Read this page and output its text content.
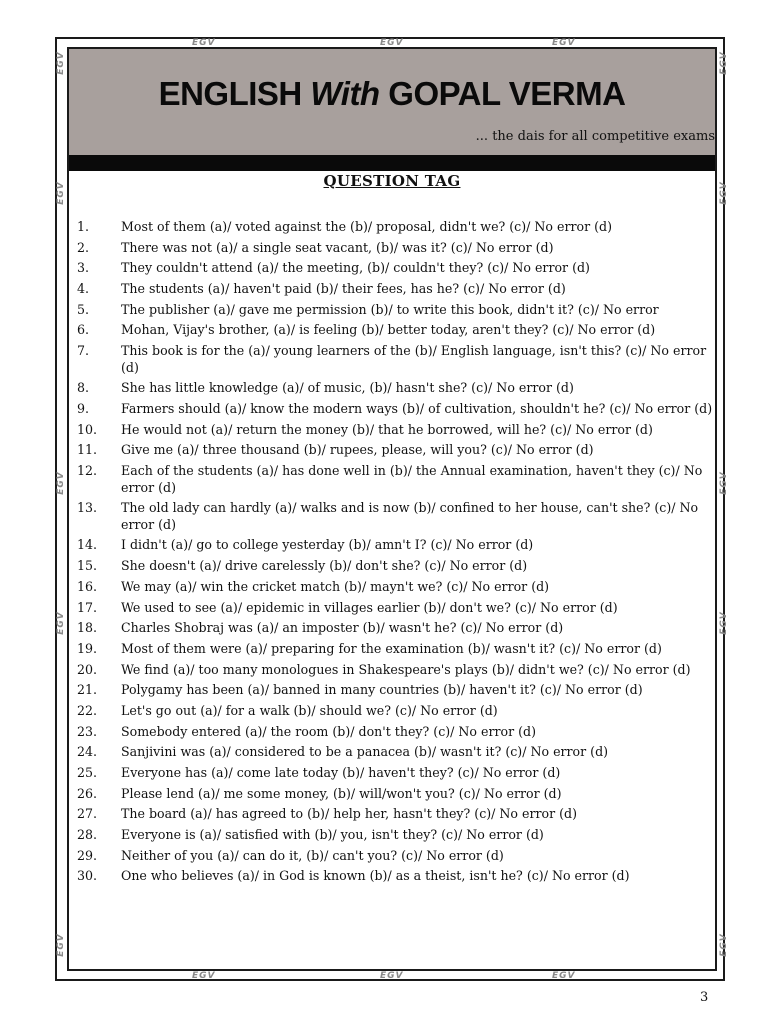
EGV	EGV	EGV
EGV	EGV	EGV
EGV
EGV
EGV
EGV
EGV
EGV
EGV
EGV
EGV
EGV
ENGLISH With GOPAL VERMA
... the dais for all competitive exams
QUESTION TAG
1.	Most of them (a)/ voted against the (b)/ proposal, didn't we? (c)/ No error (d)
2.	There was not (a)/ a single seat vacant, (b)/ was it? (c)/ No error (d)
3.	They couldn't attend (a)/ the meeting, (b)/ couldn't they? (c)/ No error (d)
4.	The students (a)/ haven't paid (b)/ their fees, has he? (c)/ No error (d)
5.	The publisher (a)/ gave me permission (b)/ to write this book, didn't it? (c)/ No error
6.	Mohan, Vijay's brother, (a)/ is feeling (b)/ better today, aren't they? (c)/ No error (d)
7.	This book is for the (a)/ young learners of the (b)/ English language, isn't this? (c)/ No error (d)
8.	She has little knowledge (a)/ of music, (b)/ hasn't she? (c)/ No error (d)
9.	Farmers should (a)/ know the modern ways (b)/ of cultivation, shouldn't he? (c)/ No error (d)
10. He would not (a)/ return the money (b)/ that he borrowed, will he? (c)/ No error (d)
11. Give me (a)/ three thousand (b)/ rupees, please, will you? (c)/ No error (d)
12. Each of the students (a)/ has done well in (b)/ the Annual examination, haven't they (c)/ No error (d)
13. The old lady can hardly (a)/ walks and is now (b)/ confined to her house, can't she? (c)/ No error (d)
14. I didn't (a)/ go to college yesterday (b)/ amn't I? (c)/ No error (d)
15. She doesn't (a)/ drive carelessly (b)/ don't she? (c)/ No error (d)
16. We may (a)/ win the cricket match (b)/ mayn't we? (c)/ No error (d)
17. We used to see (a)/ epidemic in villages earlier (b)/ don't we? (c)/ No error (d)
18. Charles Shobraj was (a)/ an imposter (b)/ wasn't he? (c)/ No error (d)
19. Most of them were (a)/ preparing for the examination (b)/ wasn't it? (c)/ No error (d)
20. We find (a)/ too many monologues in Shakespeare's plays (b)/ didn't we? (c)/ No error (d)
21. Polygamy has been (a)/ banned in many countries (b)/ haven't it? (c)/ No error (d)
22. Let's go out (a)/ for a walk (b)/ should we? (c)/ No error (d)
23. Somebody entered (a)/ the room (b)/ don't they? (c)/ No error (d)
24. Sanjivini was (a)/ considered to be a panacea (b)/ wasn't it? (c)/ No error (d)
25. Everyone has (a)/ come late today (b)/ haven't they? (c)/ No error (d)
26. Please lend (a)/ me some money, (b)/ will/won't you? (c)/ No error (d)
27. The board (a)/ has agreed to (b)/ help her, hasn't they? (c)/ No error (d)
28. Everyone is (a)/ satisfied with (b)/ you, isn't they? (c)/ No error (d)
29. Neither of you (a)/ can do it, (b)/ can't you? (c)/ No error (d)
30. One who believes (a)/ in God is known (b)/ as a theist, isn't he? (c)/ No error (d)
3
